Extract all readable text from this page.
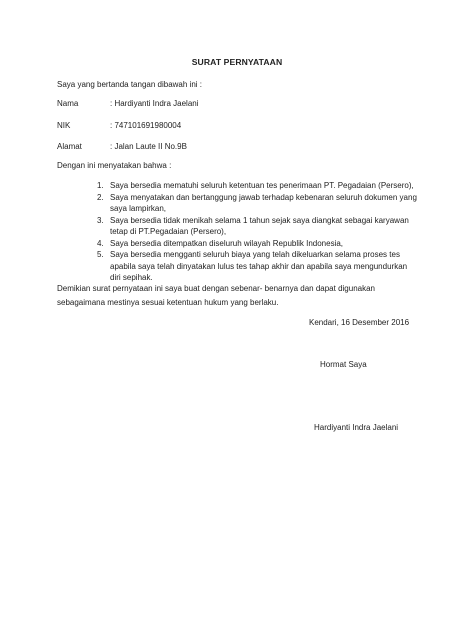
SURAT PERNYATAAN
Saya yang bertanda tangan dibawah ini :
Nama	: Hardiyanti Indra Jaelani
NIK	: 747101691980004
Alamat	: Jalan Laute II No.9B
Dengan ini menyatakan bahwa :
1. Saya bersedia mematuhi seluruh ketentuan tes penerimaan PT. Pegadaian (Persero),
2. Saya menyatakan dan bertanggung jawab terhadap kebenaran seluruh dokumen yang saya lampirkan,
3. Saya bersedia tidak menikah selama 1 tahun sejak saya diangkat sebagai karyawan tetap di PT.Pegadaian (Persero),
4. Saya bersedia ditempatkan diseluruh wilayah Republik Indonesia,
5. Saya bersedia mengganti seluruh biaya yang telah dikeluarkan selama proses tes apabila saya telah dinyatakan lulus tes tahap akhir dan apabila saya mengundurkan diri sepihak.
Demikian surat pernyataan ini saya buat dengan sebenar- benarnya dan dapat digunakan sebagaimana mestinya sesuai ketentuan hukum yang berlaku.
Kendari, 16 Desember 2016
Hormat Saya
Hardiyanti Indra Jaelani
